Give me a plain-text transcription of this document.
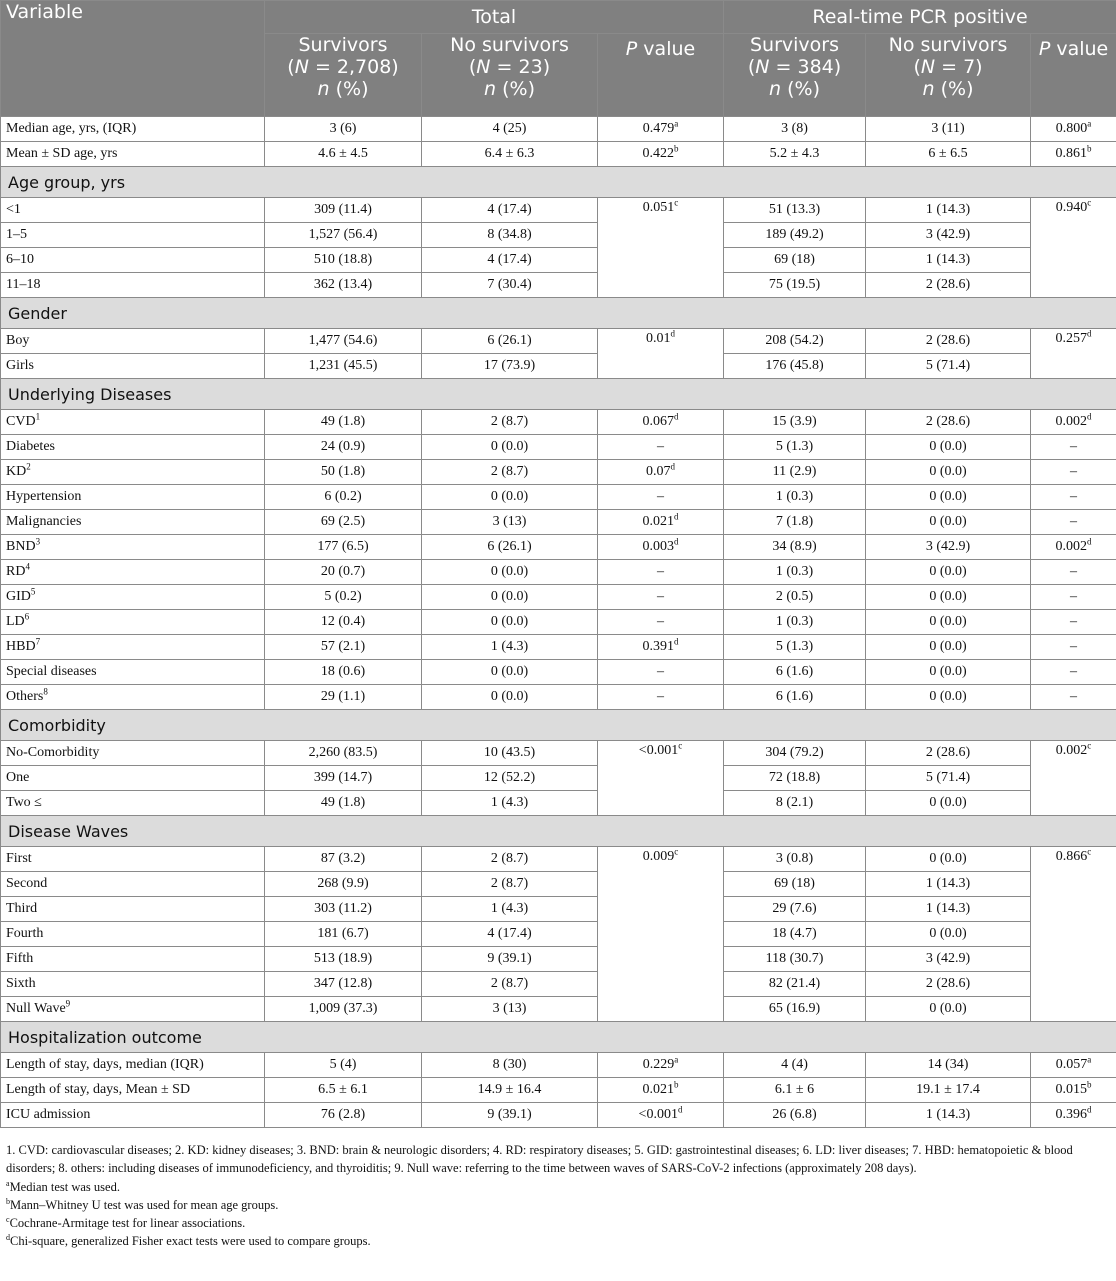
Variable	Total			Real-time PCR positive		

	Survivors
(N = 2,708)
n (%)	No survivors
(N = 23)
n (%)	P value	Survivors
(N = 384)
n (%)	No survivors
(N = 7)
n (%)	P value
Median age, yrs, (IQR)	3 (6)	4 (25)	0.479$^a$	3 (8)	3 (11)	0.800$^a$
Mean ± SD age, yrs	4.6 ± 4.5	6.4 ± 6.3	0.422$^b$	5.2 ± 4.3	6 ± 6.5	0.861$^b$
Age group, yrs						
<1	309 (11.4)	4 (17.4)	0.051$^c$	51 (13.3)	1 (14.3)	0.940$^c$
1–5	1,527 (56.4)	8 (34.8)		189 (49.2)	3 (42.9)	
6–10	510 (18.8)	4 (17.4)		69 (18)	1 (14.3)	
11–18	362 (13.4)	7 (30.4)		75 (19.5)	2 (28.6)	
Gender						
Boy	1,477 (54.6)	6 (26.1)	0.01$^d$	208 (54.2)	2 (28.6)	0.257$^d$
Girls	1,231 (45.5)	17 (73.9)		176 (45.8)	5 (71.4)	
Underlying Diseases						
CVD$^1$	49 (1.8)	2 (8.7)	0.067$^d$	15 (3.9)	2 (28.6)	0.002$^d$
Diabetes	24 (0.9)	0 (0.0)	–	5 (1.3)	0 (0.0)	–
$KD^2$	50 (1.8)	2 (8.7)	0.07$^d$	11 (2.9)	0 (0.0)	–
Hypertension	6 (0.2)	0 (0.0)	–	1 (0.3)	0 (0.0)	–
Malignancies	69 (2.5)	3 (13)	0.021$^d$	7 (1.8)	0 (0.0)	–
BND$^3$	177 (6.5)	6 (26.1)	0.003$^d$	34 (8.9)	3 (42.9)	0.002$^d$
$RD^4$	20 (0.7)	0 (0.0)	–	1 (0.3)	0 (0.0)	–
GID$^5$	5 (0.2)	0 (0.0)	–	2 (0.5)	0 (0.0)	–
$LD^6$	12 (0.4)	0 (0.0)	–	1 (0.3)	0 (0.0)	–
HBD$^7$	57 (2.1)	1 (4.3)	0.391$^d$	5 (1.3)	0 (0.0)	–
Special diseases	18 (0.6)	0 (0.0)	–	6 (1.6)	0 (0.0)	–
Others$^8$	29 (1.1)	0 (0.0)	–	6 (1.6)	0 (0.0)	–
Comorbidity						
No-Comorbidity	2,260 (83.5)	10 (43.5)	<0.001$^c$	304 (79.2)	2 (28.6)	0.002$^c$
One	399 (14.7)	12 (52.2)		72 (18.8)	5 (71.4)	
Two ≤	49 (1.8)	1 (4.3)		8 (2.1)	0 (0.0)	
Disease Waves						
First	87 (3.2)	2 (8.7)	0.009$^c$	3 (0.8)	0 (0.0)	0.866$^c$
Second	268 (9.9)	2 (8.7)		69 (18)	1 (14.3)	
Third	303 (11.2)	1 (4.3)		29 (7.6)	1 (14.3)	
Fourth	181 (6.7)	4 (17.4)		18 (4.7)	0 (0.0)	
Fifth	513 (18.9)	9 (39.1)		118 (30.7)	3 (42.9)	
Sixth	347 (12.8)	2 (8.7)		82 (21.4)	2 (28.6)	
Null Wave$^9$	1,009 (37.3)	3 (13)		65 (16.9)	0 (0.0)	
Hospitalization outcome						
Length of stay, days, median (IQR)	5 (4)	8 (30)	0.229$^a$	4 (4)	14 (34)	0.057$^a$
Length of stay, days, Mean ± SD	6.5 ± 6.1	14.9 ± 16.4	0.021$^b$	6.1 ± 6	19.1 ± 17.4	0.015$^b$
ICU admission	76 (2.8)	9 (39.1)	<0.001$^d$	26 (6.8)	1 (14.3)	0.396$^d$

1. CVD: cardiovascular diseases; 2. KD: kidney diseases; 3. BND: brain & neurologic disorders; 4. RD: respiratory diseases; 5. GID: gastrointestinal diseases; 6. LD: liver diseases; 7. HBD: hematopoietic & blood disorders; 8. others: including diseases of immunodeficiency, and thyroiditis; 9. Null wave: referring to the time between waves of SARS-CoV-2 infections (approximately 208 days).

$^a$Median test was used.

$^b$Mann–Whitney U test was used for mean age groups.

$^c$Cochrane-Armitage test for linear associations.

$^d$Chi-square, generalized Fisher exact tests were used to compare groups.
